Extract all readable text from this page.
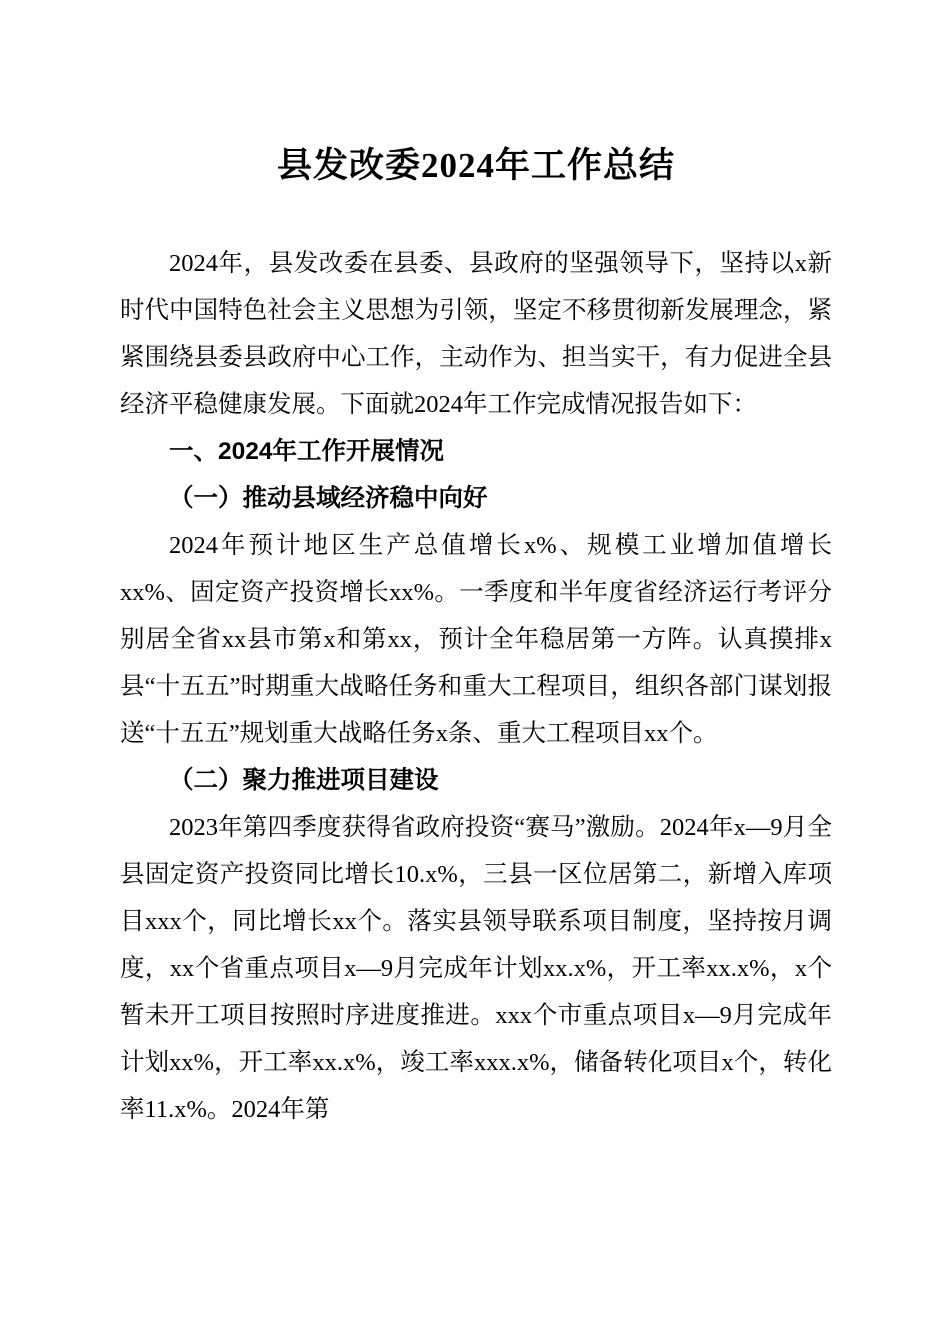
县发改委2024年工作总结

2024年，县发改委在县委、县政府的坚强领导下，坚持以x新时代中国特色社会主义思想为引领，坚定不移贯彻新发展理念，紧紧围绕县委县政府中心工作，主动作为、担当实干，有力促进全县经济平稳健康发展。下面就2024年工作完成情况报告如下：

一、2024年工作开展情况
（一）推动县域经济稳中向好

2024年预计地区生产总值增长x%、规模工业增加值增长xx%、固定资产投资增长xx%。一季度和半年度省经济运行考评分别居全省xx县市第x和第xx，预计全年稳居第一方阵。认真摸排x县“十五五”时期重大战略任务和重大工程项目，组织各部门谋划报送“十五五”规划重大战略任务x条、重大工程项目xx个。

（二）聚力推进项目建设

2023年第四季度获得省政府投资“赛马”激励。2024年x—9月全县固定资产投资同比增长10.x%，三县一区位居第二，新增入库项目xxx个，同比增长xx个。落实县领导联系项目制度，坚持按月调度，xx个省重点项目x—9月完成年计划xx.x%，开工率xx.x%，x个暂未开工项目按照时序进度推进。xxx个市重点项目x—9月完成年计划xx%，开工率xx.x%，竣工率xxx.x%，储备转化项目x个，转化率11.x%。2024年第
